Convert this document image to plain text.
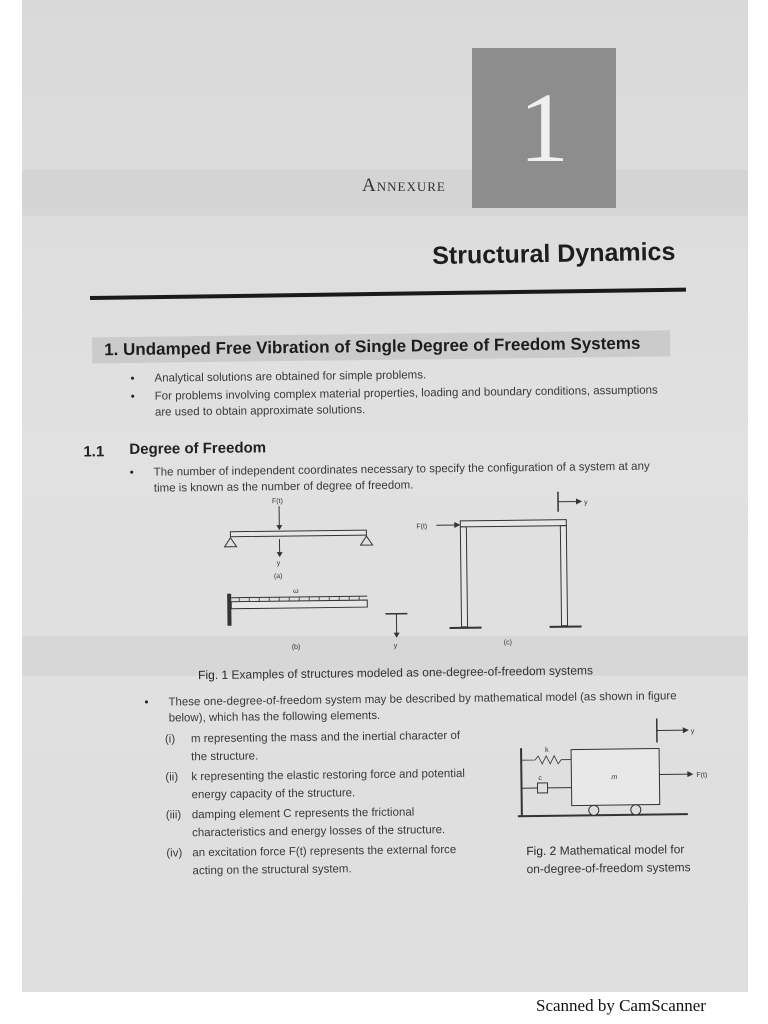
1
Annexure
Structural Dynamics
1. Undamped Free Vibration of Single Degree of Freedom Systems
• Analytical solutions are obtained for simple problems.
• For problems involving complex material properties, loading and boundary conditions, assumptions
are used to obtain approximate solutions.
1.1 Degree of Freedom
• The number of independent coordinates necessary to specify the configuration of a system at any
time is known as the number of degree of freedom.
F(t)
y
(a)
ω
(b)	y
F(t)
y
(c)
Fig. 1 Examples of structures modeled as one-degree-of-freedom systems
• These one-degree-of-freedom system may be described by mathematical model (as shown in figure
below), which has the following elements.
(i) m representing the mass and the inertial character of
the structure.
(ii) k representing the elastic restoring force and potential
energy capacity of the structure.
(iii) damping element C represents the frictional
characteristics and energy losses of the structure.
(iv) an excitation force F(t) represents the external force
acting on the structural system.
y
k
c	m	F(t)
Fig. 2 Mathematical model for
on-degree-of-freedom systems
Scanned by CamScanner
